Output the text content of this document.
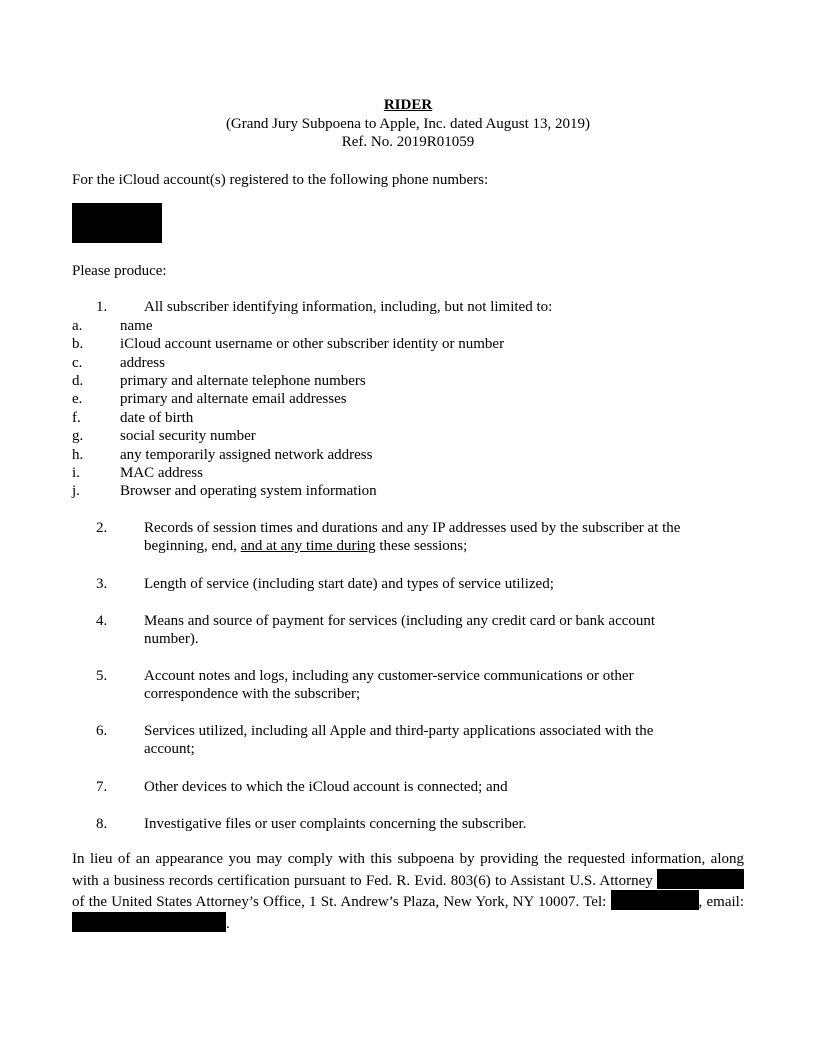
RIDER
(Grand Jury Subpoena to Apple, Inc. dated August 13, 2019)
Ref. No. 2019R01059
For the iCloud account(s) registered to the following phone numbers:
Please produce:
1. All subscriber identifying information, including, but not limited to:
a.	name
b. iCloud account username or other subscriber identity or number
c.	address
d. primary and alternate telephone numbers
e.	primary and alternate email addresses
f.	date of birth
g. social security number
h. any temporarily assigned network address
i.	MAC address
j.	Browser and operating system information
2. Records of session times and durations and any IP addresses used by the subscriber at the beginning, end, and at any time during these sessions;
3. Length of service (including start date) and types of service utilized;
4. Means and source of payment for services (including any credit card or bank account number).
5. Account notes and logs, including any customer-service communications or other correspondence with the subscriber;
6. Services utilized, including all Apple and third-party applications associated with the account;
7. Other devices to which the iCloud account is connected; and
8. Investigative files or user complaints concerning the subscriber.
In lieu of an appearance you may comply with this subpoena by providing the requested information, along with a business records certification pursuant to Fed. R. Evid. 803(6) to Assistant U.S. Attorney  of the United States Attorney’s Office, 1 St. Andrew’s Plaza, New York, NY 10007. Tel:	, email: .
